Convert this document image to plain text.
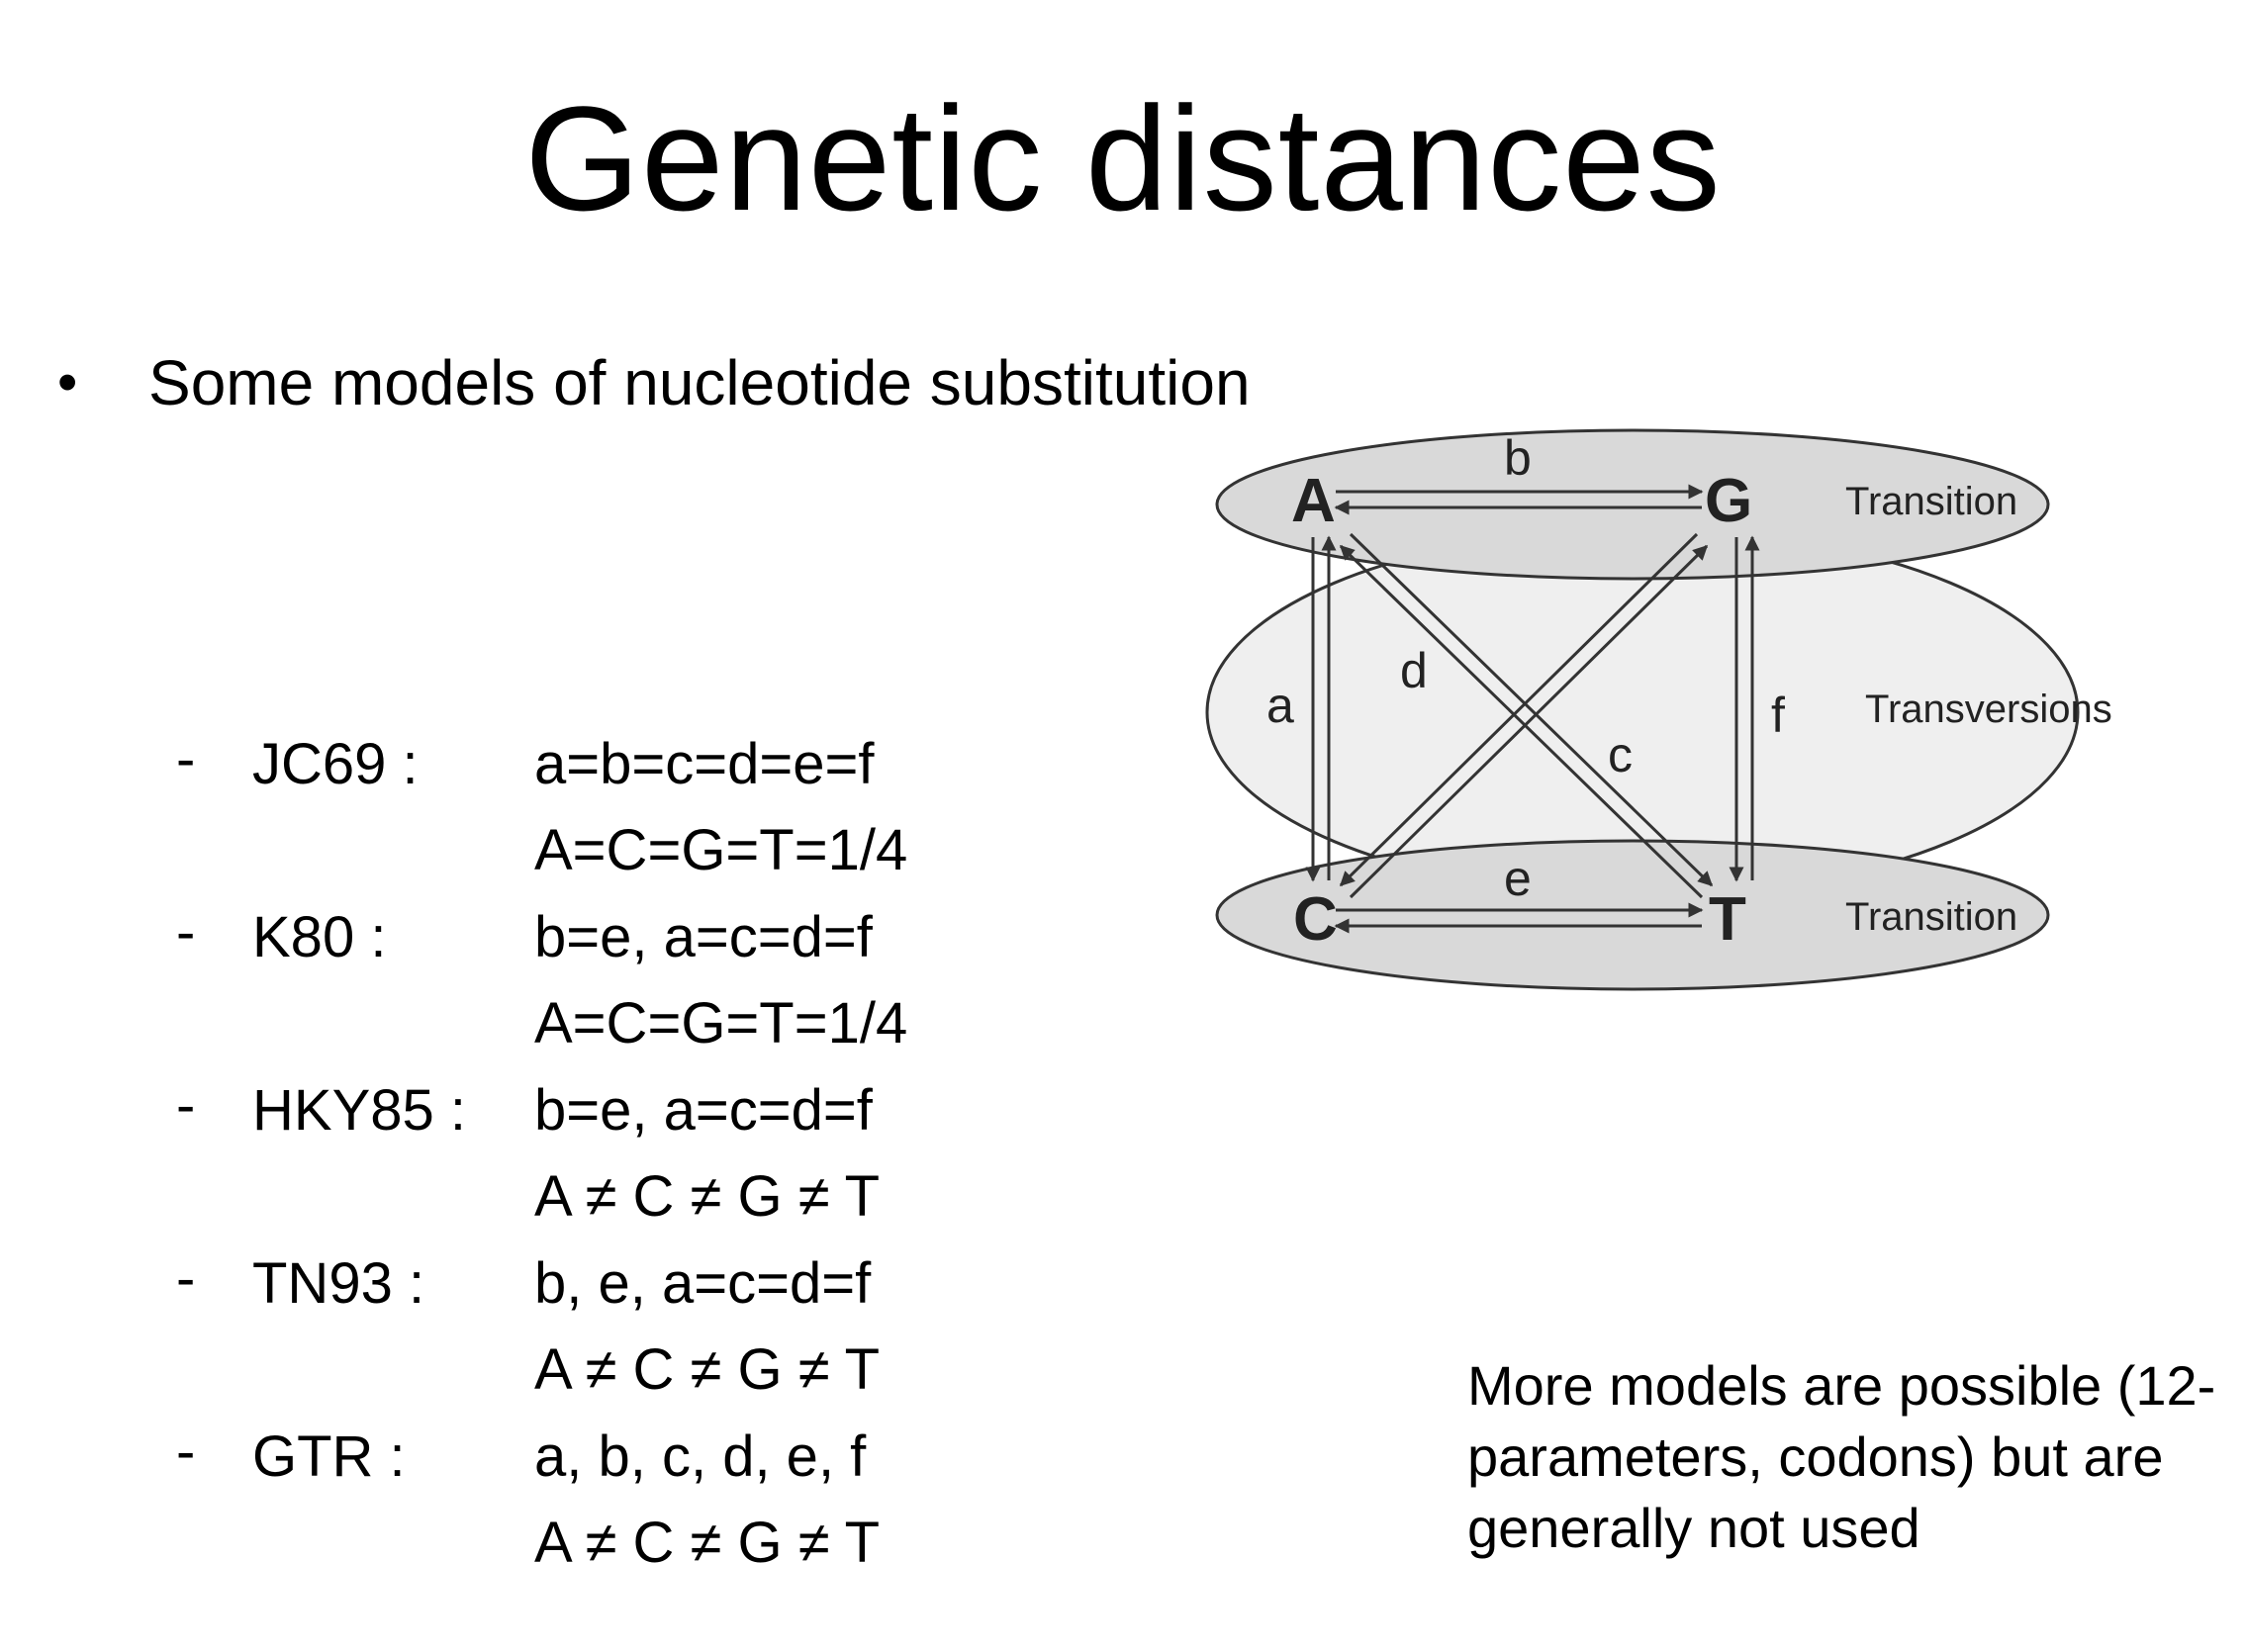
Genetic distances
• Some models of nucleotide substitution
- JC69 : a=b=c=d=e=f
A=C=G=T=1/4
- K80 :	b=e, a=c=d=f
A=C=G=T=1/4
- HKY85 : b=e, a=c=d=f
A ≠ C ≠ G ≠ T
- TN93 : b, e, a=c=d=f
A ≠ C ≠ G ≠ T
- GTR : a, b, c, d, e, f
A ≠ C ≠ G ≠ T
More models are possible (12-parameters, codons) but are generally not used
A	G
C	T
b
e
a	f
d
c
Transition
Transversions
Transition
